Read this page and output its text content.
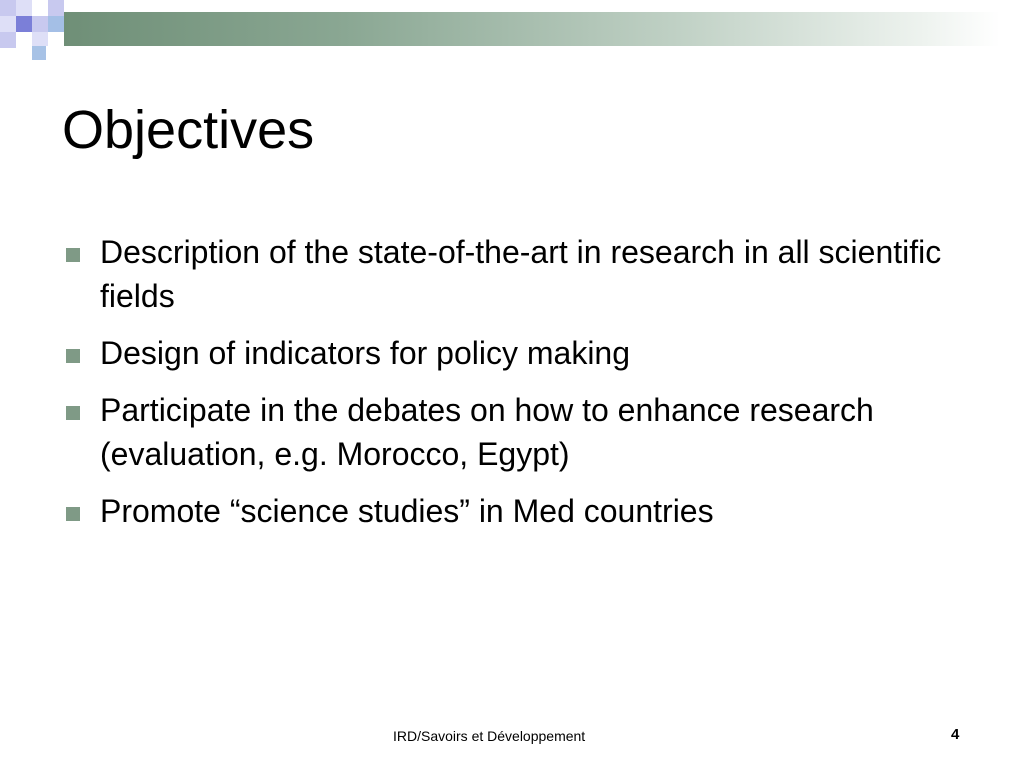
Objectives
Description of the state-of-the-art in research in all scientific fields
Design of indicators for policy making
Participate in the debates on how to enhance research (evaluation, e.g. Morocco, Egypt)
Promote “science studies” in Med countries
IRD/Savoirs et Développement	4
